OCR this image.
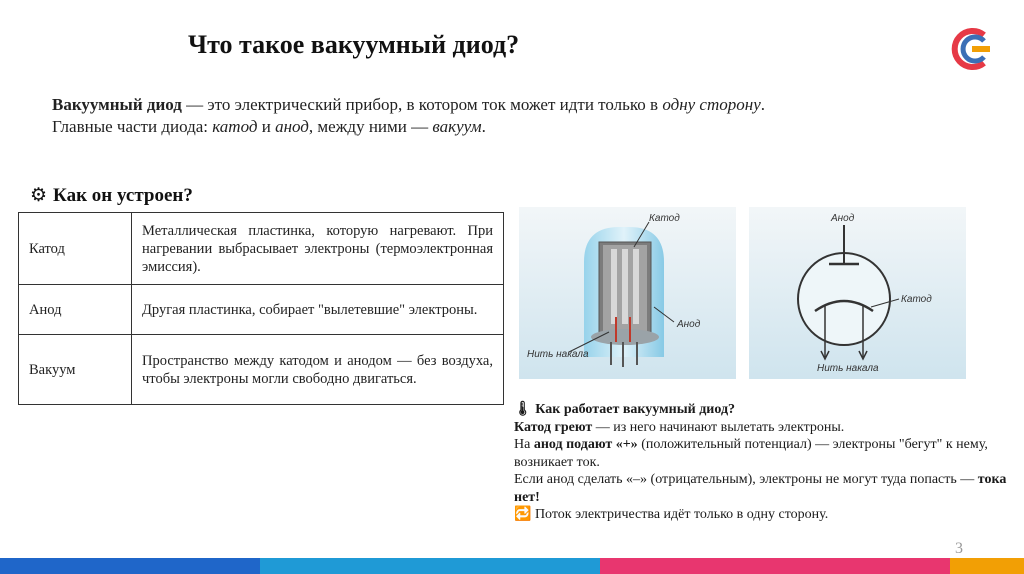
Что такое вакуумный диод?
Вакуумный диод — это электрический прибор, в котором ток может идти только в одну сторону.
Главные части диода: катод и анод, между ними — вакуум.
⚙ Как он устроен?
Катод	Металлическая пластинка, которую нагревают. При нагревании выбрасывает электроны (термоэлектронная эмиссия).
Анод	Другая пластинка, собирает "вылетевшие" электроны.
Вакуум	Пространство между катодом и анодом — без воздуха, чтобы электроны могли свободно двигаться.
Катод
Анод
Нить накала
Анод
Катод
Нить накала
🌡 Как работает вакуумный диод?
Катод греют — из него начинают вылетать электроны.
На анод подают «+» (положительный потенциал) — электроны "бегут" к нему, возникает ток.
Если анод сделать «–» (отрицательным), электроны не могут туда попасть — тока нет!
🔁 Поток электричества идёт только в одну сторону.
3
